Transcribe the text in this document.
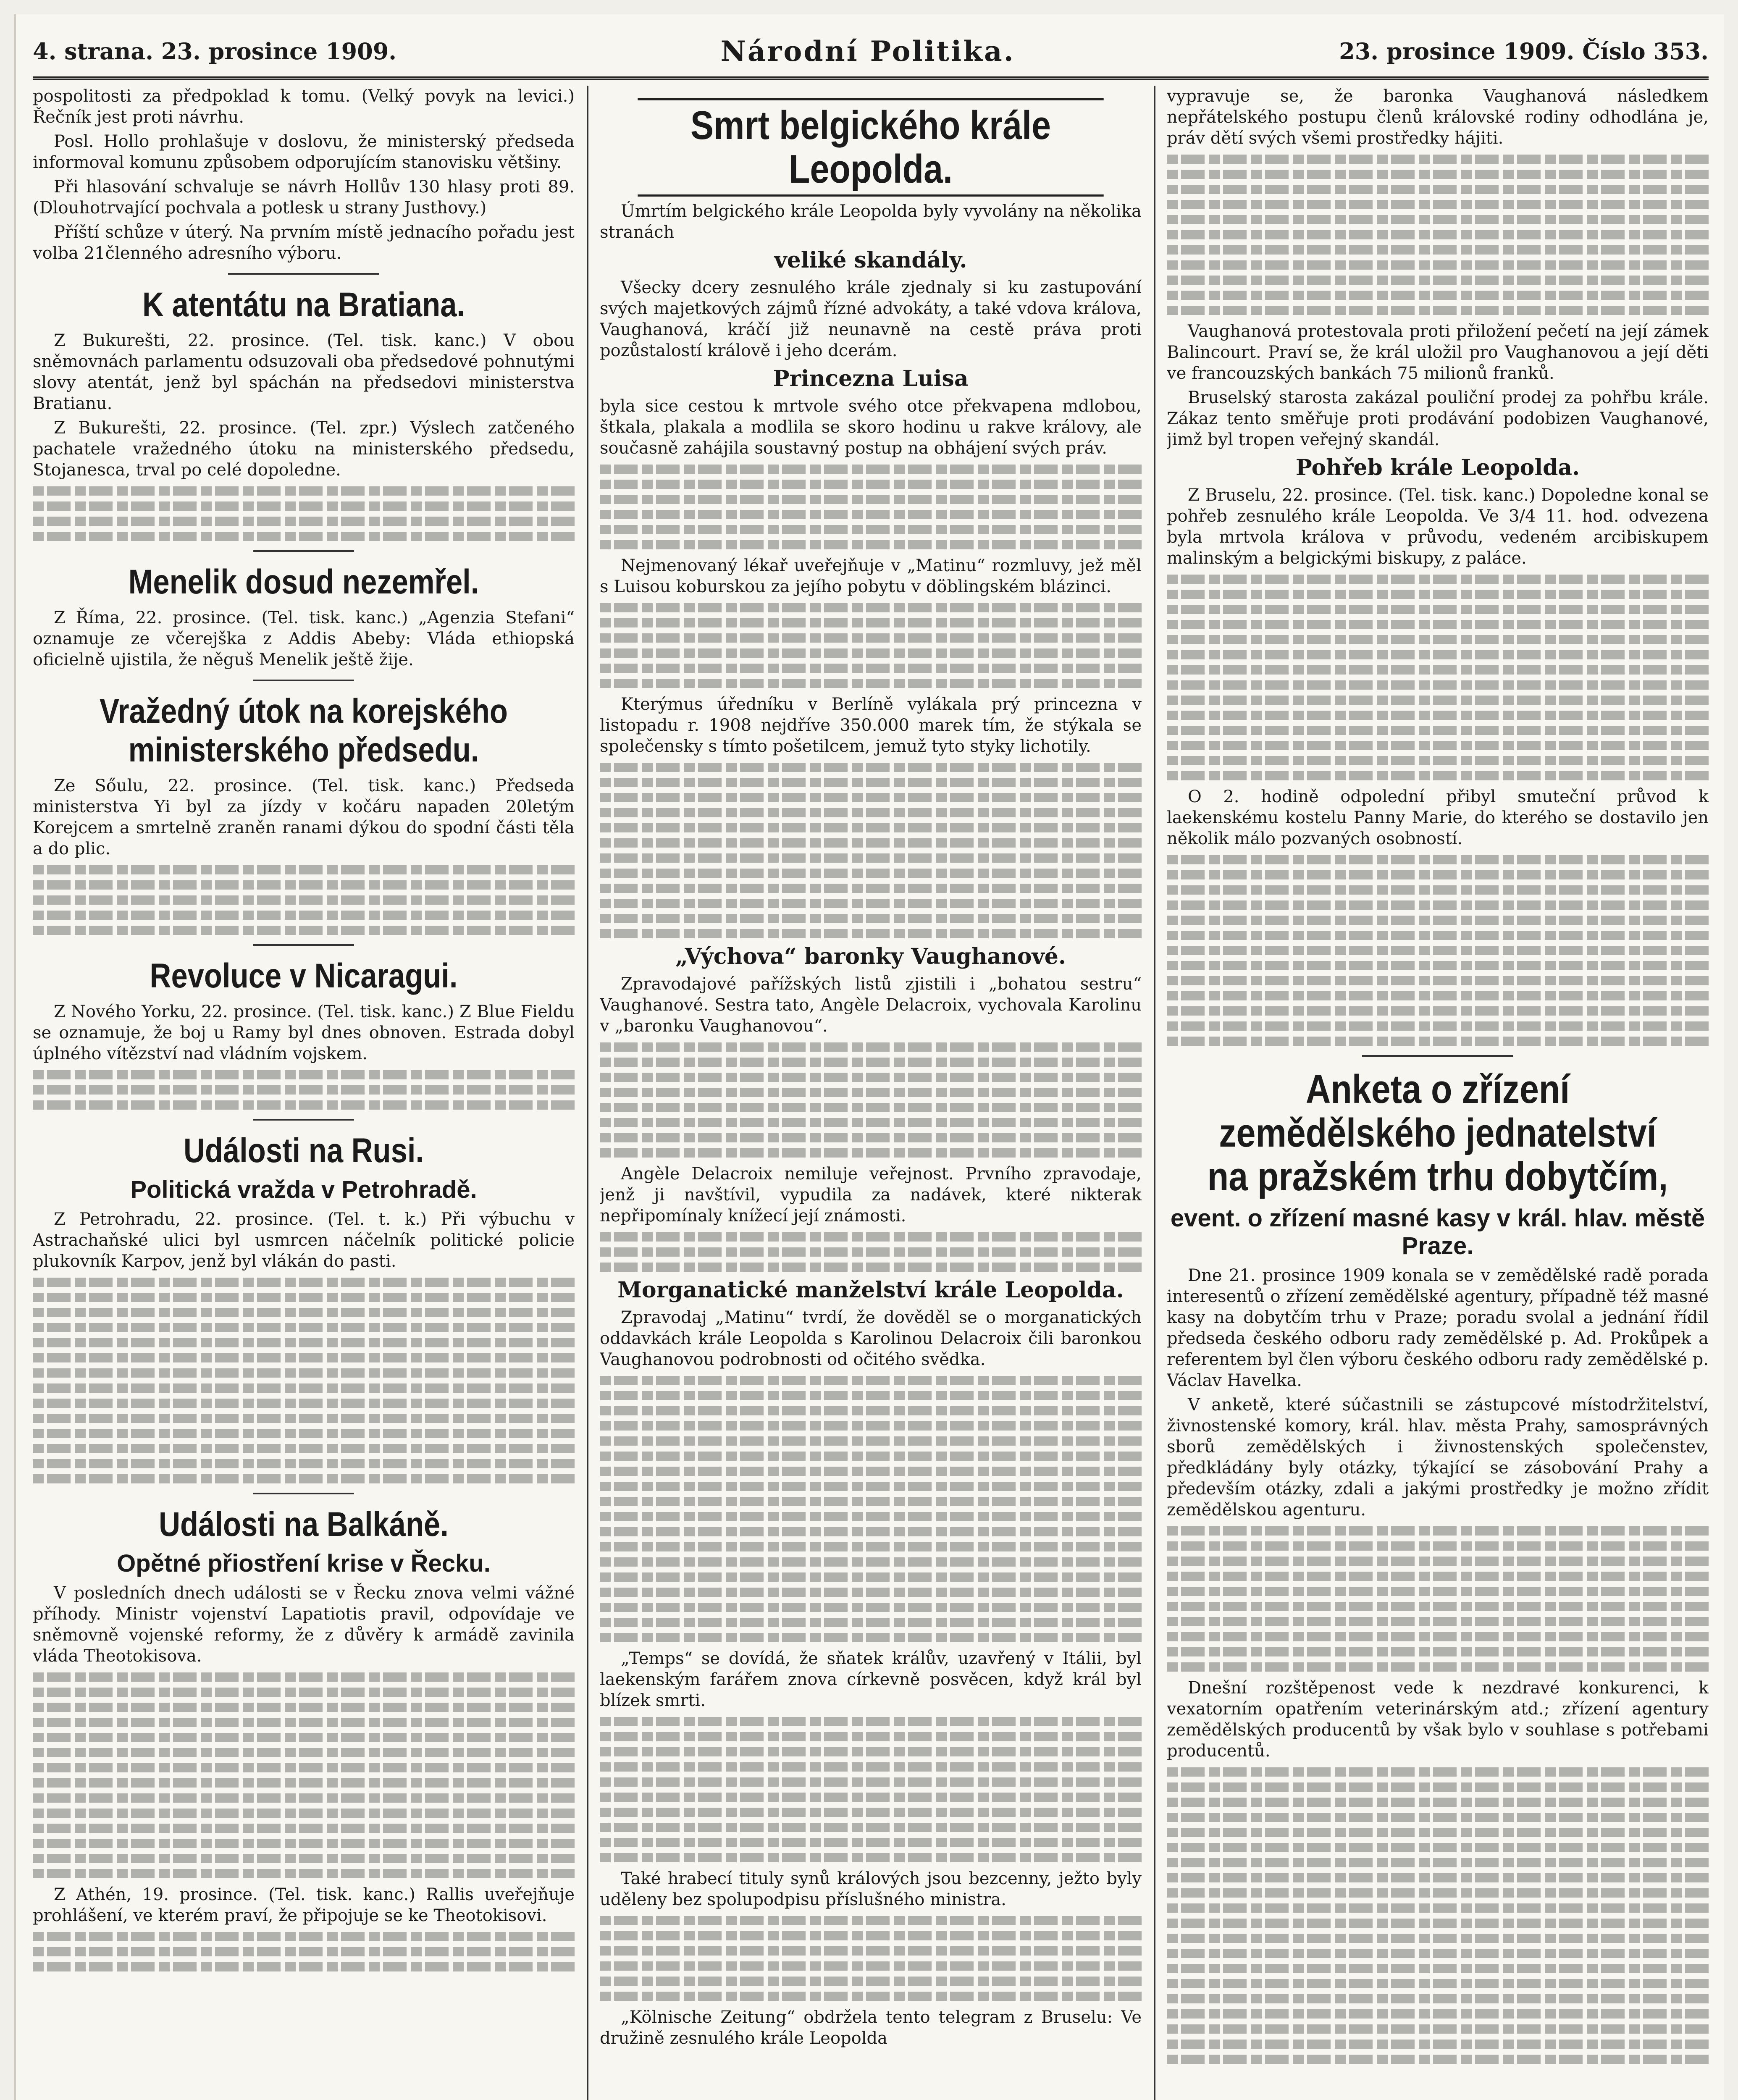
4. strana. 23. prosince 1909.	Národní Politika.	23. prosince 1909. Číslo 353.

pospolitosti za předpoklad k tomu. (Velký povyk na levici.) Řečník jest proti návrhu.

Posl. Hollo prohlašuje v doslovu, že ministerský předseda informoval komunu způsobem odporujícím stanovisku většiny.

Při hlasování schvaluje se návrh Hollův 130 hlasy proti 89. (Dlouhotrvající pochvala a potlesk u strany Justhovy.)

Příští schůze v úterý. Na prvním místě jednacího pořadu jest volba 21členného adresního výboru.

K atentátu na Bratiana.

Z Bukurešti, 22. prosince. (Tel. tisk. kanc.) V obou sněmovnách parlamentu odsuzovali oba předsedové pohnutými slovy atentát, jenž byl spáchán na předsedovi ministerstva Bratianu.

Z Bukurešti, 22. prosince. (Tel. zpr.) Výslech zatčeného pachatele vražedného útoku na ministerského předsedu, Stojanesca, trval po celé dopoledne.

Menelik dosud nezemřel.

Z Říma, 22. prosince. (Tel. tisk. kanc.) „Agenzia Stefani“ oznamuje ze včerejška z Addis Abeby: Vláda ethiopská oficielně ujistila, že něguš Menelik ještě žije.

Vražedný útok na korejského ministerského předsedu.

Ze Sőulu, 22. prosince. (Tel. tisk. kanc.) Předseda ministerstva Yi byl za jízdy v kočáru napaden 20letým Korejcem a smrtelně zraněn ranami dýkou do spodní části těla a do plic.

Revoluce v Nicaragui.

Z Nového Yorku, 22. prosince. (Tel. tisk. kanc.) Z Blue Fieldu se oznamuje, že boj u Ramy byl dnes obnoven. Estrada dobyl úplného vítězství nad vládním vojskem.

Události na Rusi.
Politická vražda v Petrohradě.

Z Petrohradu, 22. prosince. (Tel. t. k.) Při výbuchu v Astrachaňské ulici byl usmrcen náčelník politické policie plukovník Karpov, jenž byl vlákán do pasti.

Události na Balkáně.
Opětné přiostření krise v Řecku.

V posledních dnech události se v Řecku znova velmi vážné příhody. Ministr vojenství Lapatiotis pravil, odpovídaje ve sněmovně vojenské reformy, že z důvěry k armádě zavinila vláda Theotokisova.

Z Athén, 19. prosince. (Tel. tisk. kanc.) Rallis uveřejňuje prohlášení, ve kterém praví, že připojuje se ke Theotokisovi.

Smrt belgického krále Leopolda.

Úmrtím belgického krále Leopolda byly vyvolány na několika stranách

veliké skandály.

Všecky dcery zesnulého krále zjednaly si ku zastupování svých majetkových zájmů řízné advokáty, a také vdova králova, Vaughanová, kráčí již neunavně na cestě práva proti pozůstalostí králově i jeho dcerám.

Princezna Luisa

byla sice cestou k mrtvole svého otce překvapena mdlobou, štkala, plakala a modlila se skoro hodinu u rakve královy, ale současně zahájila soustavný postup na obhájení svých práv.

Nejmenovaný lékař uveřejňuje v „Matinu“ rozmluvy, jež měl s Luisou koburskou za jejího pobytu v döblingském blázinci.

Kterýmus úředníku v Berlíně vylákala prý princezna v listopadu r. 1908 nejdříve 350.000 marek tím, že stýkala se společensky s tímto pošetilcem, jemuž tyto styky lichotily.

„Výchova“ baronky Vaughanové.

Zpravodajové pařížských listů zjistili i „bohatou sestru“ Vaughanové. Sestra tato, Angèle Delacroix, vychovala Karolinu v „baronku Vaughanovou“.

Angèle Delacroix nemiluje veřejnost. Prvního zpravodaje, jenž ji navštívil, vypudila za nadávek, které nikterak nepřipomínaly knížecí její známosti.

Morganatické manželství krále Leopolda.

Zpravodaj „Matinu“ tvrdí, že dověděl se o morganatických oddavkách krále Leopolda s Karolinou Delacroix čili baronkou Vaughanovou podrobnosti od očitého svědka.

„Temps“ se dovídá, že sňatek králův, uzavřený v Itálii, byl laekenským farářem znova církevně posvěcen, když král byl blízek smrti.

Také hrabecí tituly synů králových jsou bezcenny, ježto byly uděleny bez spolupodpisu příslušného ministra.

„Kölnische Zeitung“ obdržela tento telegram z Bruselu: Ve družině zesnulého krále Leopolda

vypravuje se, že baronka Vaughanová následkem nepřátelského postupu členů královské rodiny odhodlána je, práv dětí svých všemi prostředky hájiti.

Vaughanová protestovala proti přiložení pečetí na její zámek Balincourt. Praví se, že král uložil pro Vaughanovou a její děti ve francouzských bankách 75 milionů franků.

Bruselský starosta zakázal pouliční prodej za pohřbu krále. Zákaz tento směřuje proti prodávání podobizen Vaughanové, jimž byl tropen veřejný skandál.

Pohřeb krále Leopolda.

Z Bruselu, 22. prosince. (Tel. tisk. kanc.) Dopoledne konal se pohřeb zesnulého krále Leopolda. Ve 3/4 11. hod. odvezena byla mrtvola králova v průvodu, vedeném arcibiskupem malinským a belgickými biskupy, z paláce.

O 2. hodině odpolední přibyl smuteční průvod k laekenskému kostelu Panny Marie, do kterého se dostavilo jen několik málo pozvaných osobností.

Anketa o zřízení zemědělského jednatelství na pražském trhu dobytčím,
event. o zřízení masné kasy v král. hlav. městě Praze.

Dne 21. prosince 1909 konala se v zemědělské radě porada interesentů o zřízení zemědělské agentury, případně též masné kasy na dobytčím trhu v Praze; poradu svolal a jednání řídil předseda českého odboru rady zemědělské p. Ad. Prokůpek a referentem byl člen výboru českého odboru rady zemědělské p. Václav Havelka.

V anketě, které súčastnili se zástupcové místodržitelství, živnostenské komory, král. hlav. města Prahy, samosprávných sborů zemědělských i živnostenských společenstev, předkládány byly otázky, týkající se zásobování Prahy a především otázky, zdali a jakými prostředky je možno zřídit zemědělskou agenturu.

Dnešní rozštěpenost vede k nezdravé konkurenci, k vexatorním opatřením veterinárským atd.; zřízení agentury zemědělských producentů by však bylo v souhlase s potřebami producentů.
